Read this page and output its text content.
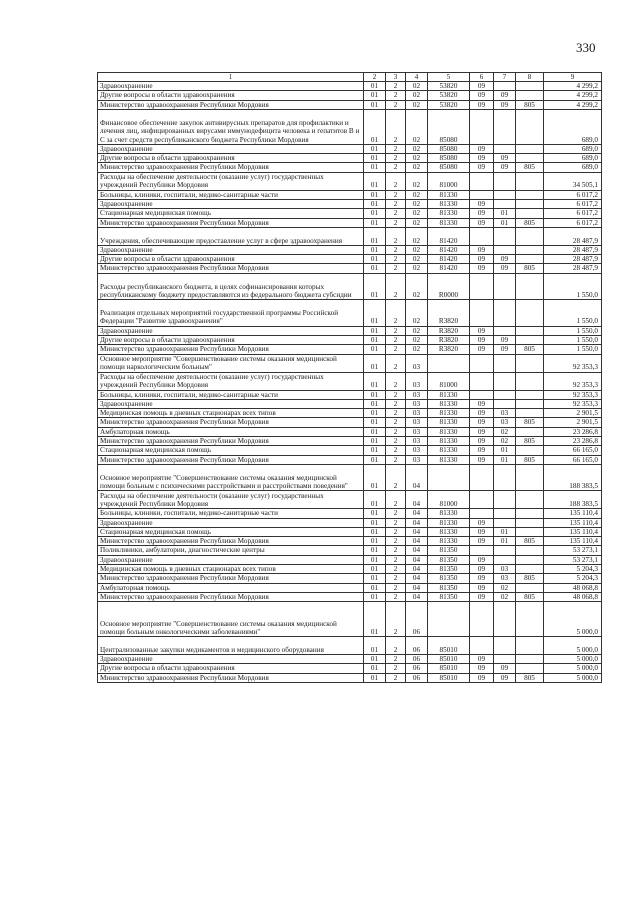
330
1	2	3	4	5	6	7	8	9
Здравоохранение	01	2	02	53820	09			4 299,2
Другие вопросы в области здравоохранения	01	2	02	53820	09	09		4 299,2
Министерство здравоохранения Республики Мордовия	01	2	02	53820	09	09	805	4 299,2
Финансовое обеспечение закупок антивирусных препаратов для профилактики и лечения лиц, инфицированных вирусами иммунодефицита человека и гепатитов В и С за счет средств республиканского бюджета Республики Мордовия	01	2	02	85080				689,0
Здравоохранение	01	2	02	85080	09			689,0
Другие вопросы в области здравоохранения	01	2	02	85080	09	09		689,0
Министерство здравоохранения Республики Мордовия	01	2	02	85080	09	09	805	689,0
Расходы на обеспечение деятельности (оказание услуг) государственных учреждений Республики Мордовия	01	2	02	81000				34 505,1
Больницы, клиники, госпитали, медико-санитарные части	01	2	02	81330				6 017,2
Здравоохранение	01	2	02	81330	09			6 017,2
Стационарная медицинская помощь	01	2	02	81330	09	01		6 017,2
Министерство здравоохранения Республики Мордовия	01	2	02	81330	09	01	805	6 017,2
Учреждения, обеспечивающие предоставление услуг в сфере здравоохранения	01	2	02	81420				28 487,9
Здравоохранение	01	2	02	81420	09			28 487,9
Другие вопросы в области здравоохранения	01	2	02	81420	09	09		28 487,9
Министерство здравоохранения Республики Мордовия	01	2	02	81420	09	09	805	28 487,9
Расходы республиканского бюджета, в целях софинансирования которых республиканскому бюджету предоставляются из федерального бюджета субсидии	01	2	02	R0000				1 550,0
Реализация отдельных мероприятий государственной программы Российской Федерации "Развитие здравоохранения"	01	2	02	R3820				1 550,0
Здравоохранение	01	2	02	R3820	09			1 550,0
Другие вопросы в области здравоохранения	01	2	02	R3820	09	09		1 550,0
Министерство здравоохранения Республики Мордовия	01	2	02	R3820	09	09	805	1 550,0
Основное мероприятие "Совершенствование системы оказания медицинской помощи наркологическим больным"	01	2	03					92 353,3
Расходы на обеспечение деятельности (оказание услуг) государственных учреждений Республики Мордовия	01	2	03	81000				92 353,3
Больницы, клиники, госпитали, медико-санитарные части	01	2	03	81330				92 353,3
Здравоохранение	01	2	03	81330	09			92 353,3
Медицинская помощь в дневных стационарах всех типов	01	2	03	81330	09	03		2 901,5
Министерство здравоохранения Республики Мордовия	01	2	03	81330	09	03	805	2 901,5
Амбулаторная помощь	01	2	03	81330	09	02		23 286,8
Министерство здравоохранения Республики Мордовия	01	2	03	81330	09	02	805	23 286,8
Стационарная медицинская помощь	01	2	03	81330	09	01		66 165,0
Министерство здравоохранения Республики Мордовия	01	2	03	81330	09	01	805	66 165,0
Основное мероприятие "Совершенствование системы оказания медицинской помощи больным с психическими расстройствами и расстройствами поведения"	01	2	04					188 383,5
Расходы на обеспечение деятельности (оказание услуг) государственных учреждений Республики Мордовия	01	2	04	81000				188 383,5
Больницы, клиники, госпитали, медико-санитарные части	01	2	04	81330				135 110,4
Здравоохранение	01	2	04	81330	09			135 110,4
Стационарная медицинская помощь	01	2	04	81330	09	01		135 110,4
Министерство здравоохранения Республики Мордовия	01	2	04	81330	09	01	805	135 110,4
Поликлиники, амбулатории, диагностические центры	01	2	04	81350				53 273,1
Здравоохранение	01	2	04	81350	09			53 273,1
Медицинская помощь в дневных стационарах всех типов	01	2	04	81350	09	03		5 204,3
Министерство здравоохранения Республики Мордовия	01	2	04	81350	09	03	805	5 204,3
Амбулаторная помощь	01	2	04	81350	09	02		48 068,8
Министерство здравоохранения Республики Мордовия	01	2	04	81350	09	02	805	48 068,8
Основное мероприятие "Совершенствование системы оказания медицинской помощи больным онкологическими заболеваниями"	01	2	06					5 000,0
Централизованные закупки медикаментов и медицинского оборудования	01	2	06	85010				5 000,0
Здравоохранение	01	2	06	85010	09			5 000,0
Другие вопросы в области здравоохранения	01	2	06	85010	09	09		5 000,0
Министерство здравоохранения Республики Мордовия	01	2	06	85010	09	09	805	5 000,0
